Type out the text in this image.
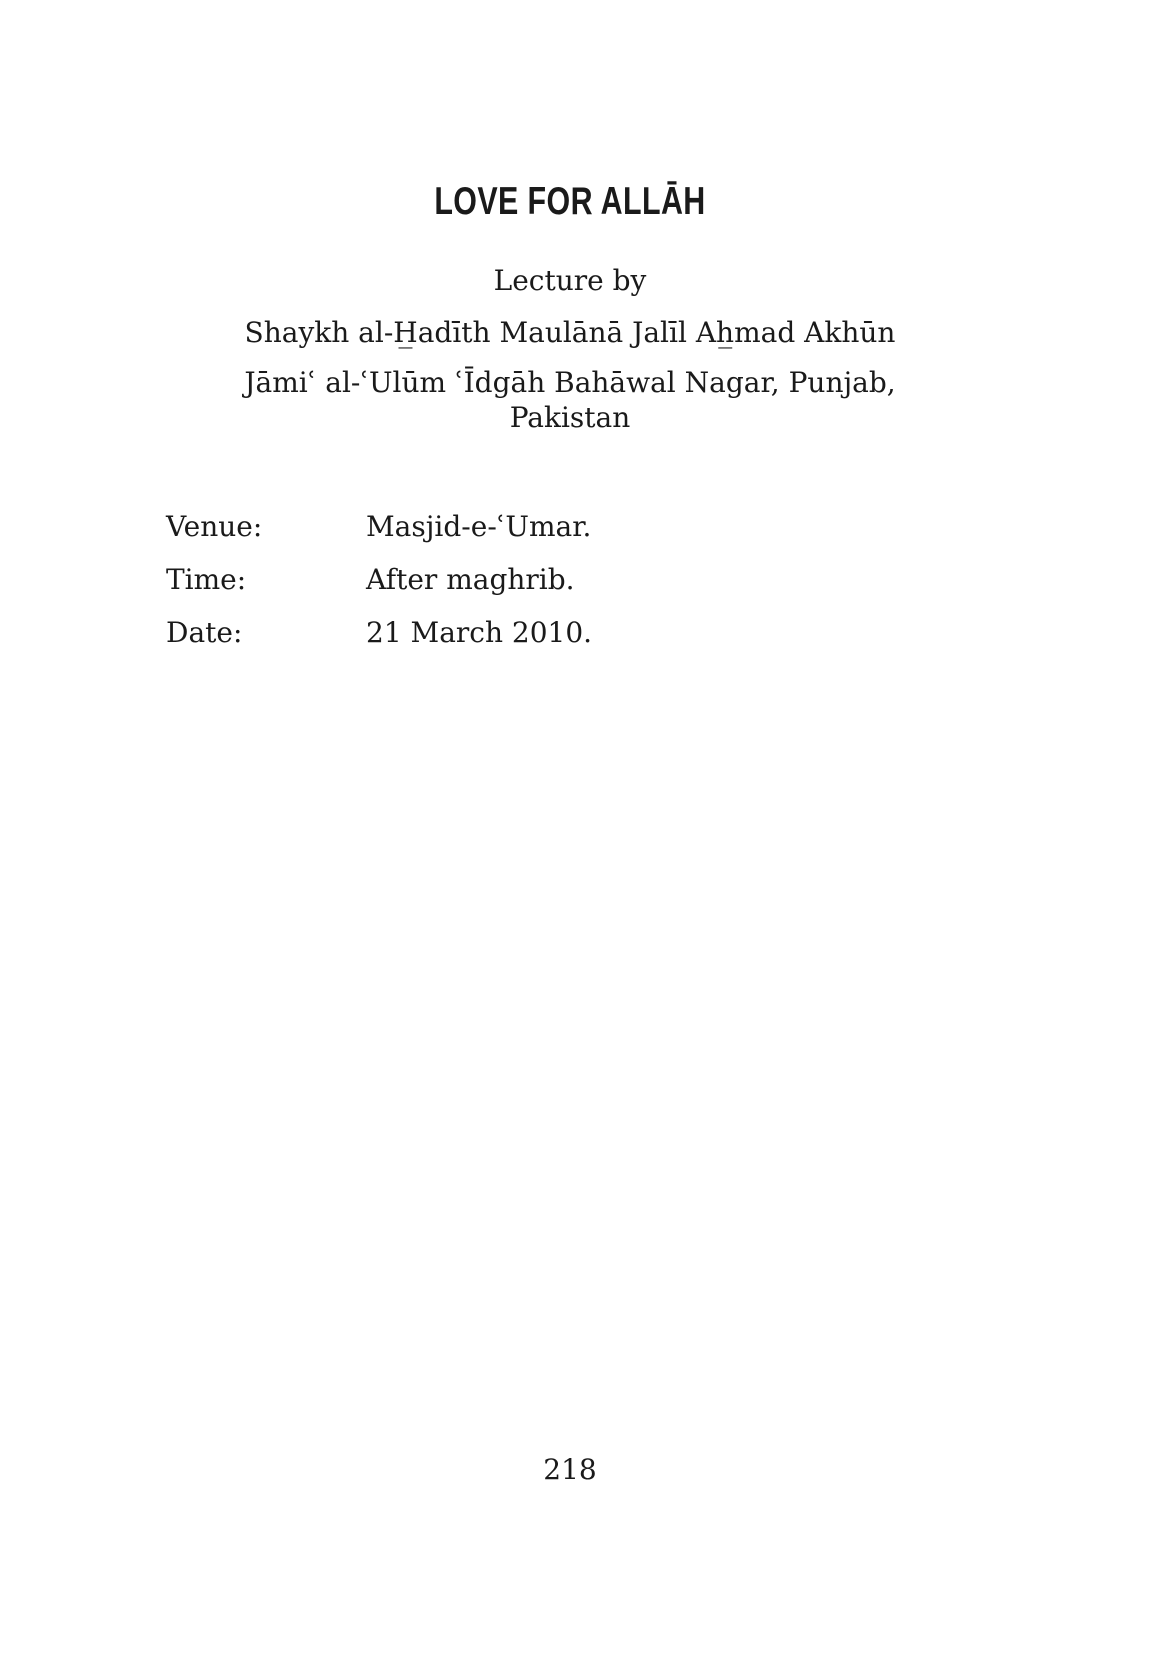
LOVE FOR ALLĀH
Lecture by
Shaykh al-H̲adīth Maulānā Jalīl Ah̲mad Akhūn
Jāmiʿ al-ʿUlūm ʿĪdgāh Bahāwal Nagar, Punjab,
Pakistan
Venue:	Masjid-e-ʿUmar.
Time:	After maghrib.
Date:	21 March 2010.
218
